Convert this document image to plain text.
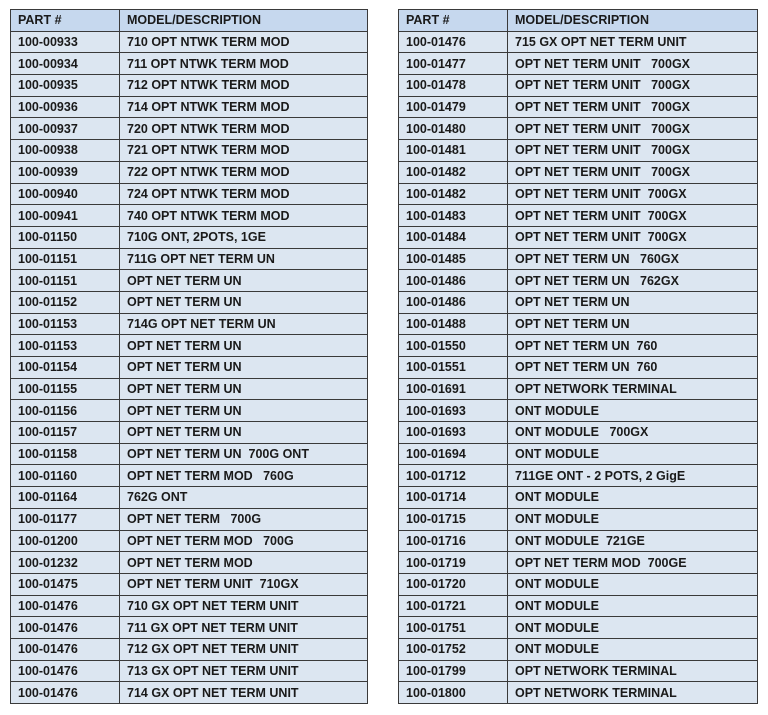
PART #	MODEL/DESCRIPTION
100-00933	710 OPT NTWK TERM MOD
100-00934	711 OPT NTWK TERM MOD
100-00935	712 OPT NTWK TERM MOD
100-00936	714 OPT NTWK TERM MOD
100-00937	720 OPT NTWK TERM MOD
100-00938	721 OPT NTWK TERM MOD
100-00939	722 OPT NTWK TERM MOD
100-00940	724 OPT NTWK TERM MOD
100-00941	740 OPT NTWK TERM MOD
100-01150	710G ONT, 2POTS, 1GE
100-01151	711G OPT NET TERM UN
100-01151	OPT NET TERM UN
100-01152	OPT NET TERM UN
100-01153	714G OPT NET TERM UN
100-01153	OPT NET TERM UN
100-01154	OPT NET TERM UN
100-01155	OPT NET TERM UN
100-01156	OPT NET TERM UN
100-01157	OPT NET TERM UN
100-01158	OPT NET TERM UN  700G ONT
100-01160	OPT NET TERM MOD   760G
100-01164	762G ONT
100-01177	OPT NET TERM   700G
100-01200	OPT NET TERM MOD   700G
100-01232	OPT NET TERM MOD
100-01475	OPT NET TERM UNIT  710GX
100-01476	710 GX OPT NET TERM UNIT
100-01476	711 GX OPT NET TERM UNIT
100-01476	712 GX OPT NET TERM UNIT
100-01476	713 GX OPT NET TERM UNIT
100-01476	714 GX OPT NET TERM UNIT
PART #	MODEL/DESCRIPTION
100-01476	715 GX OPT NET TERM UNIT
100-01477	OPT NET TERM UNIT   700GX
100-01478	OPT NET TERM UNIT   700GX
100-01479	OPT NET TERM UNIT   700GX
100-01480	OPT NET TERM UNIT   700GX
100-01481	OPT NET TERM UNIT   700GX
100-01482	OPT NET TERM UNIT   700GX
100-01482	OPT NET TERM UNIT  700GX
100-01483	OPT NET TERM UNIT  700GX
100-01484	OPT NET TERM UNIT  700GX
100-01485	OPT NET TERM UN   760GX
100-01486	OPT NET TERM UN   762GX
100-01486	OPT NET TERM UN
100-01488	OPT NET TERM UN
100-01550	OPT NET TERM UN  760
100-01551	OPT NET TERM UN  760
100-01691	OPT NETWORK TERMINAL
100-01693	ONT MODULE
100-01693	ONT MODULE   700GX
100-01694	ONT MODULE
100-01712	711GE ONT - 2 POTS, 2 GigE
100-01714	ONT MODULE
100-01715	ONT MODULE
100-01716	ONT MODULE  721GE
100-01719	OPT NET TERM MOD  700GE
100-01720	ONT MODULE
100-01721	ONT MODULE
100-01751	ONT MODULE
100-01752	ONT MODULE
100-01799	OPT NETWORK TERMINAL
100-01800	OPT NETWORK TERMINAL
